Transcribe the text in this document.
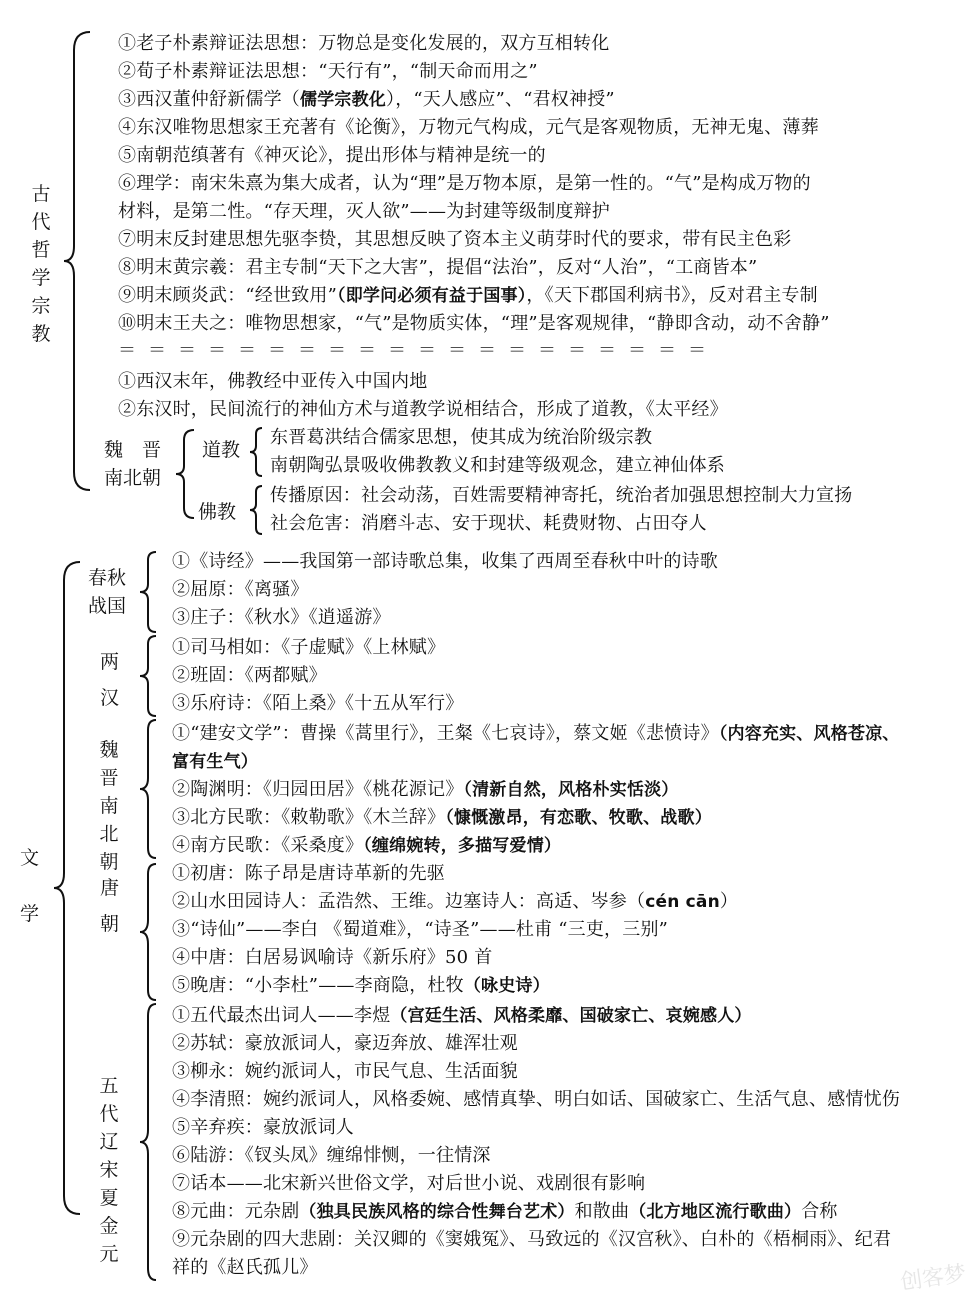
古代哲学宗教
①老子朴素辩证法思想：万物总是变化发展的，双方互相转化
②荀子朴素辩证法思想：“天行有”，“制天命而用之”
③西汉董仲舒新儒学（儒学宗教化），“天人感应”、“君权神授”
④东汉唯物思想家王充著有《论衡》，万物元气构成，元气是客观物质，无神无鬼、薄葬
⑤南朝范缜著有《神灭论》，提出形体与精神是统一的
⑥理学：南宋朱熹为集大成者，认为“理”是万物本原，是第一性的。“气”是构成万物的
材料，是第二性。“存天理，灭人欲”——为封建等级制度辩护
⑦明末反封建思想先驱李贽，其思想反映了资本主义萌芽时代的要求，带有民主色彩
⑧明末黄宗羲：君主专制“天下之大害”，提倡“法治”，反对“人治”，“工商皆本”
⑨明末顾炎武：“经世致用”（即学问必须有益于国事），《天下郡国利病书》，反对君主专制
⑩明末王夫之：唯物思想家，“气”是物质实体，“理”是客观规律，“静即含动，动不舍静”
＝＝＝＝＝＝＝＝＝＝＝＝＝＝＝＝＝＝＝＝
①西汉末年，佛教经中亚传入中国内地
②东汉时，民间流行的神仙方术与道教学说相结合，形成了道教，《太平经》
魏　晋
南北朝
道教
东晋葛洪结合儒家思想，使其成为统治阶级宗教
南朝陶弘景吸收佛教教义和封建等级观念，建立神仙体系
佛教
传播原因：社会动荡，百姓需要精神寄托，统治者加强思想控制大力宣扬
社会危害：消磨斗志、安于现状、耗费财物、占田夺人
文
学
春秋
战国
①《诗经》——我国第一部诗歌总集，收集了西周至春秋中叶的诗歌
②屈原：《离骚》
③庄子：《秋水》《逍遥游》
两
汉
①司马相如：《子虚赋》《上林赋》
②班固：《两都赋》
③乐府诗：《陌上桑》《十五从军行》
魏晋南北朝
①“建安文学”：曹操《蒿里行》，王粲《七哀诗》，蔡文姬《悲愤诗》（内容充实、风格苍凉、
富有生气）
②陶渊明：《归园田居》《桃花源记》（清新自然，风格朴实恬淡）
③北方民歌：《敕勒歌》《木兰辞》（慷慨激昂，有恋歌、牧歌、战歌）
④南方民歌：《采桑度》（缠绵婉转，多描写爱情）
唐
朝
①初唐：陈子昂是唐诗革新的先驱
②山水田园诗人：孟浩然、王维。边塞诗人：高适、岑参（cén cān）
③“诗仙”——李白 《蜀道难》，“诗圣”——杜甫 “三吏，三别”
④中唐：白居易讽喻诗《新乐府》50 首
⑤晚唐：“小李杜”——李商隐，杜牧（咏史诗）
五代辽宋夏金元
①五代最杰出词人——李煜（宫廷生活、风格柔靡、国破家亡、哀婉感人）
②苏轼：豪放派词人，豪迈奔放、雄浑壮观
③柳永：婉约派词人，市民气息、生活面貌
④李清照：婉约派词人，风格委婉、感情真挚、明白如话、国破家亡、生活气息、感情忧伤
⑤辛弃疾：豪放派词人
⑥陆游：《钗头凤》缠绵悱恻，一往情深
⑦话本——北宋新兴世俗文学，对后世小说、戏剧很有影响
⑧元曲：元杂剧（独具民族风格的综合性舞台艺术）和散曲（北方地区流行歌曲）合称
⑨元杂剧的四大悲剧：关汉卿的《窦娥冤》、马致远的《汉宫秋》、白朴的《梧桐雨》、纪君
祥的《赵氏孤儿》	创客梦
